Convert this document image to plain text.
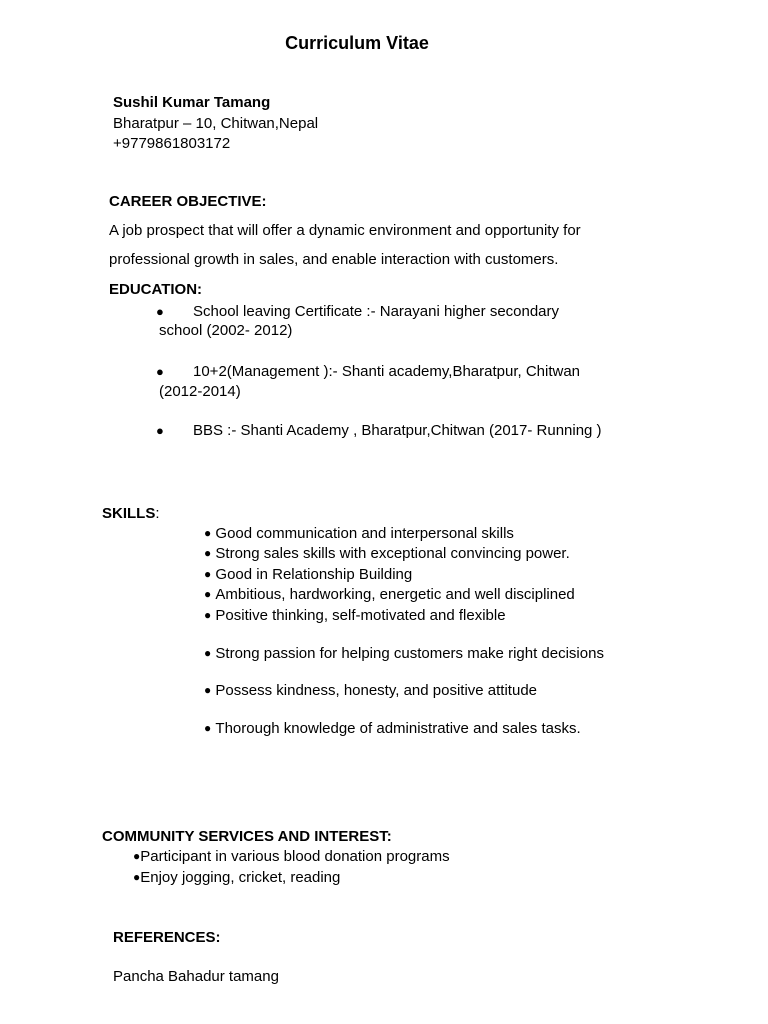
Curriculum Vitae
Sushil Kumar Tamang
Bharatpur – 10, Chitwan,Nepal
+9779861803172
CAREER OBJECTIVE:
A job prospect that will offer a dynamic environment and opportunity for
professional growth in sales, and enable interaction with customers.
EDUCATION:
● School leaving Certificate :- Narayani higher secondary
school (2002- 2012)
● 10+2(Management ):- Shanti academy,Bharatpur, Chitwan
(2012-2014)
● BBS :- Shanti Academy , Bharatpur,Chitwan (2017- Running )
SKILLS:
● Good communication and interpersonal skills
● Strong sales skills with exceptional convincing power.
● Good in Relationship Building
● Ambitious, hardworking, energetic and well disciplined
● Positive thinking, self-motivated and flexible
● Strong passion for helping customers make right decisions
● Possess kindness, honesty, and positive attitude
● Thorough knowledge of administrative and sales tasks.
COMMUNITY SERVICES AND INTEREST:
●Participant in various blood donation programs
●Enjoy jogging, cricket, reading
REFERENCES:
Pancha Bahadur tamang
